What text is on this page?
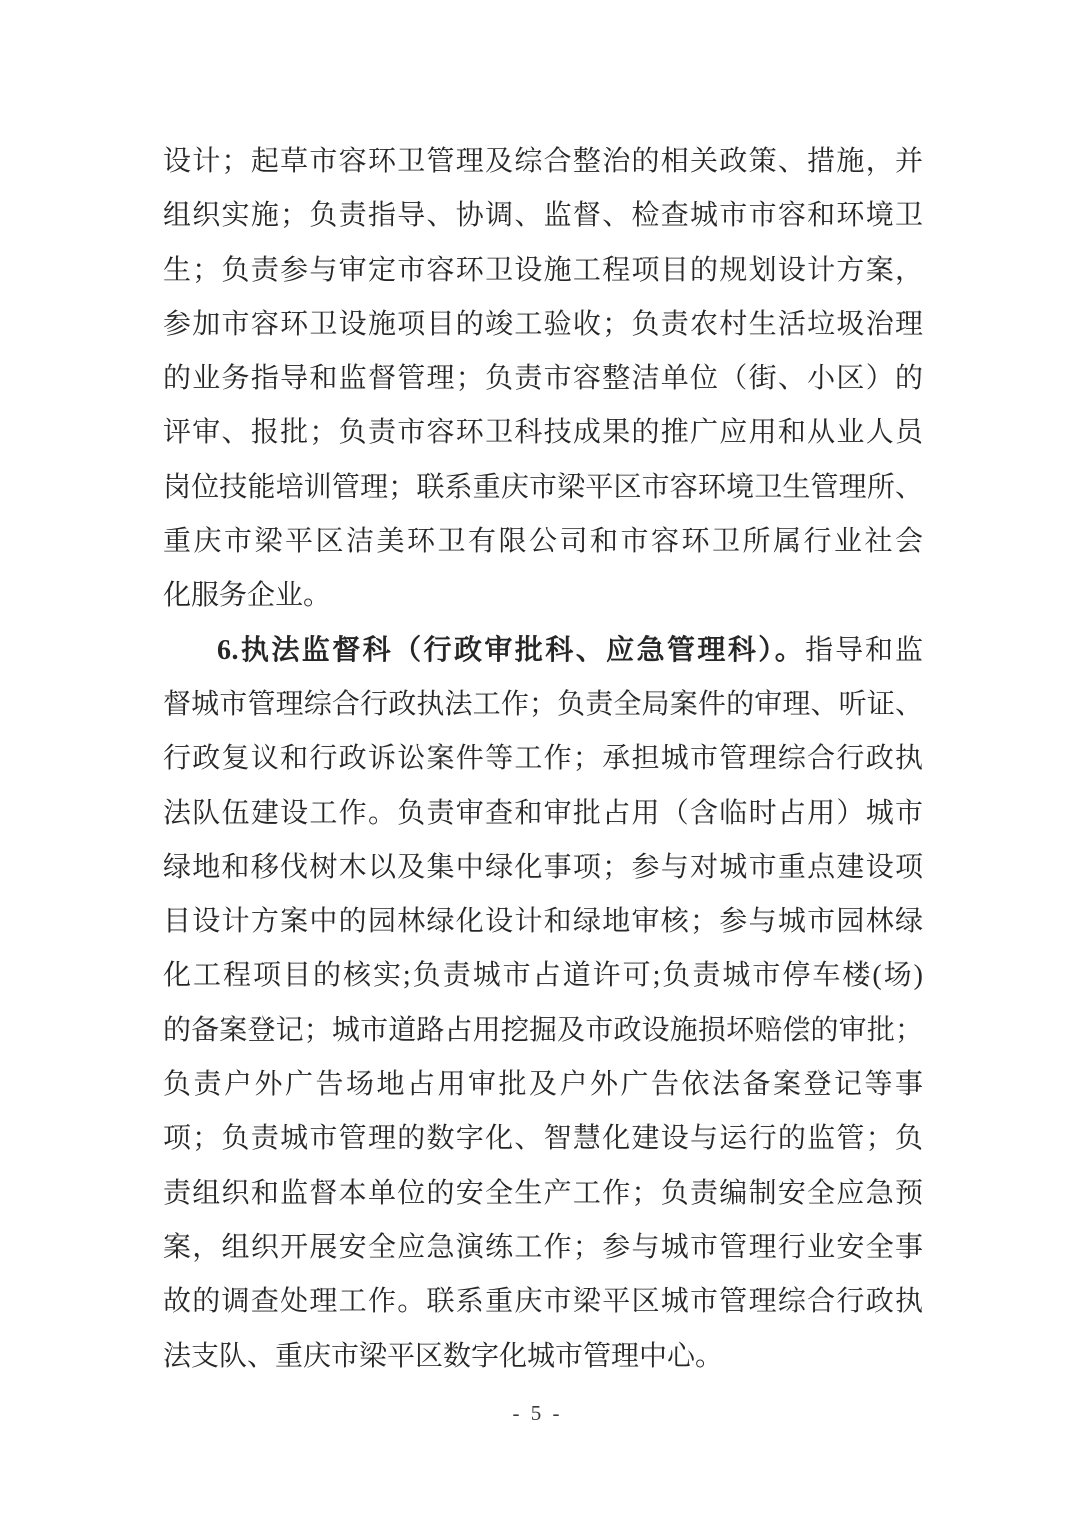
设计；起草市容环卫管理及综合整治的相关政策、措施，并
组织实施；负责指导、协调、监督、检查城市市容和环境卫
生；负责参与审定市容环卫设施工程项目的规划设计方案，
参加市容环卫设施项目的竣工验收；负责农村生活垃圾治理
的业务指导和监督管理；负责市容整洁单位（街、小区）的
评审、报批；负责市容环卫科技成果的推广应用和从业人员
岗位技能培训管理；联系重庆市梁平区市容环境卫生管理所、
重庆市梁平区洁美环卫有限公司和市容环卫所属行业社会
化服务企业。
6.执法监督科（行政审批科、应急管理科）。指导和监
督城市管理综合行政执法工作；负责全局案件的审理、听证、
行政复议和行政诉讼案件等工作；承担城市管理综合行政执
法队伍建设工作。负责审查和审批占用（含临时占用）城市
绿地和移伐树木以及集中绿化事项；参与对城市重点建设项
目设计方案中的园林绿化设计和绿地审核；参与城市园林绿
化工程项目的核实;负责城市占道许可;负责城市停车楼(场)
的备案登记；城市道路占用挖掘及市政设施损坏赔偿的审批；
负责户外广告场地占用审批及户外广告依法备案登记等事
项；负责城市管理的数字化、智慧化建设与运行的监管；负
责组织和监督本单位的安全生产工作；负责编制安全应急预
案，组织开展安全应急演练工作；参与城市管理行业安全事
故的调查处理工作。联系重庆市梁平区城市管理综合行政执
法支队、重庆市梁平区数字化城市管理中心。
- 5 -
